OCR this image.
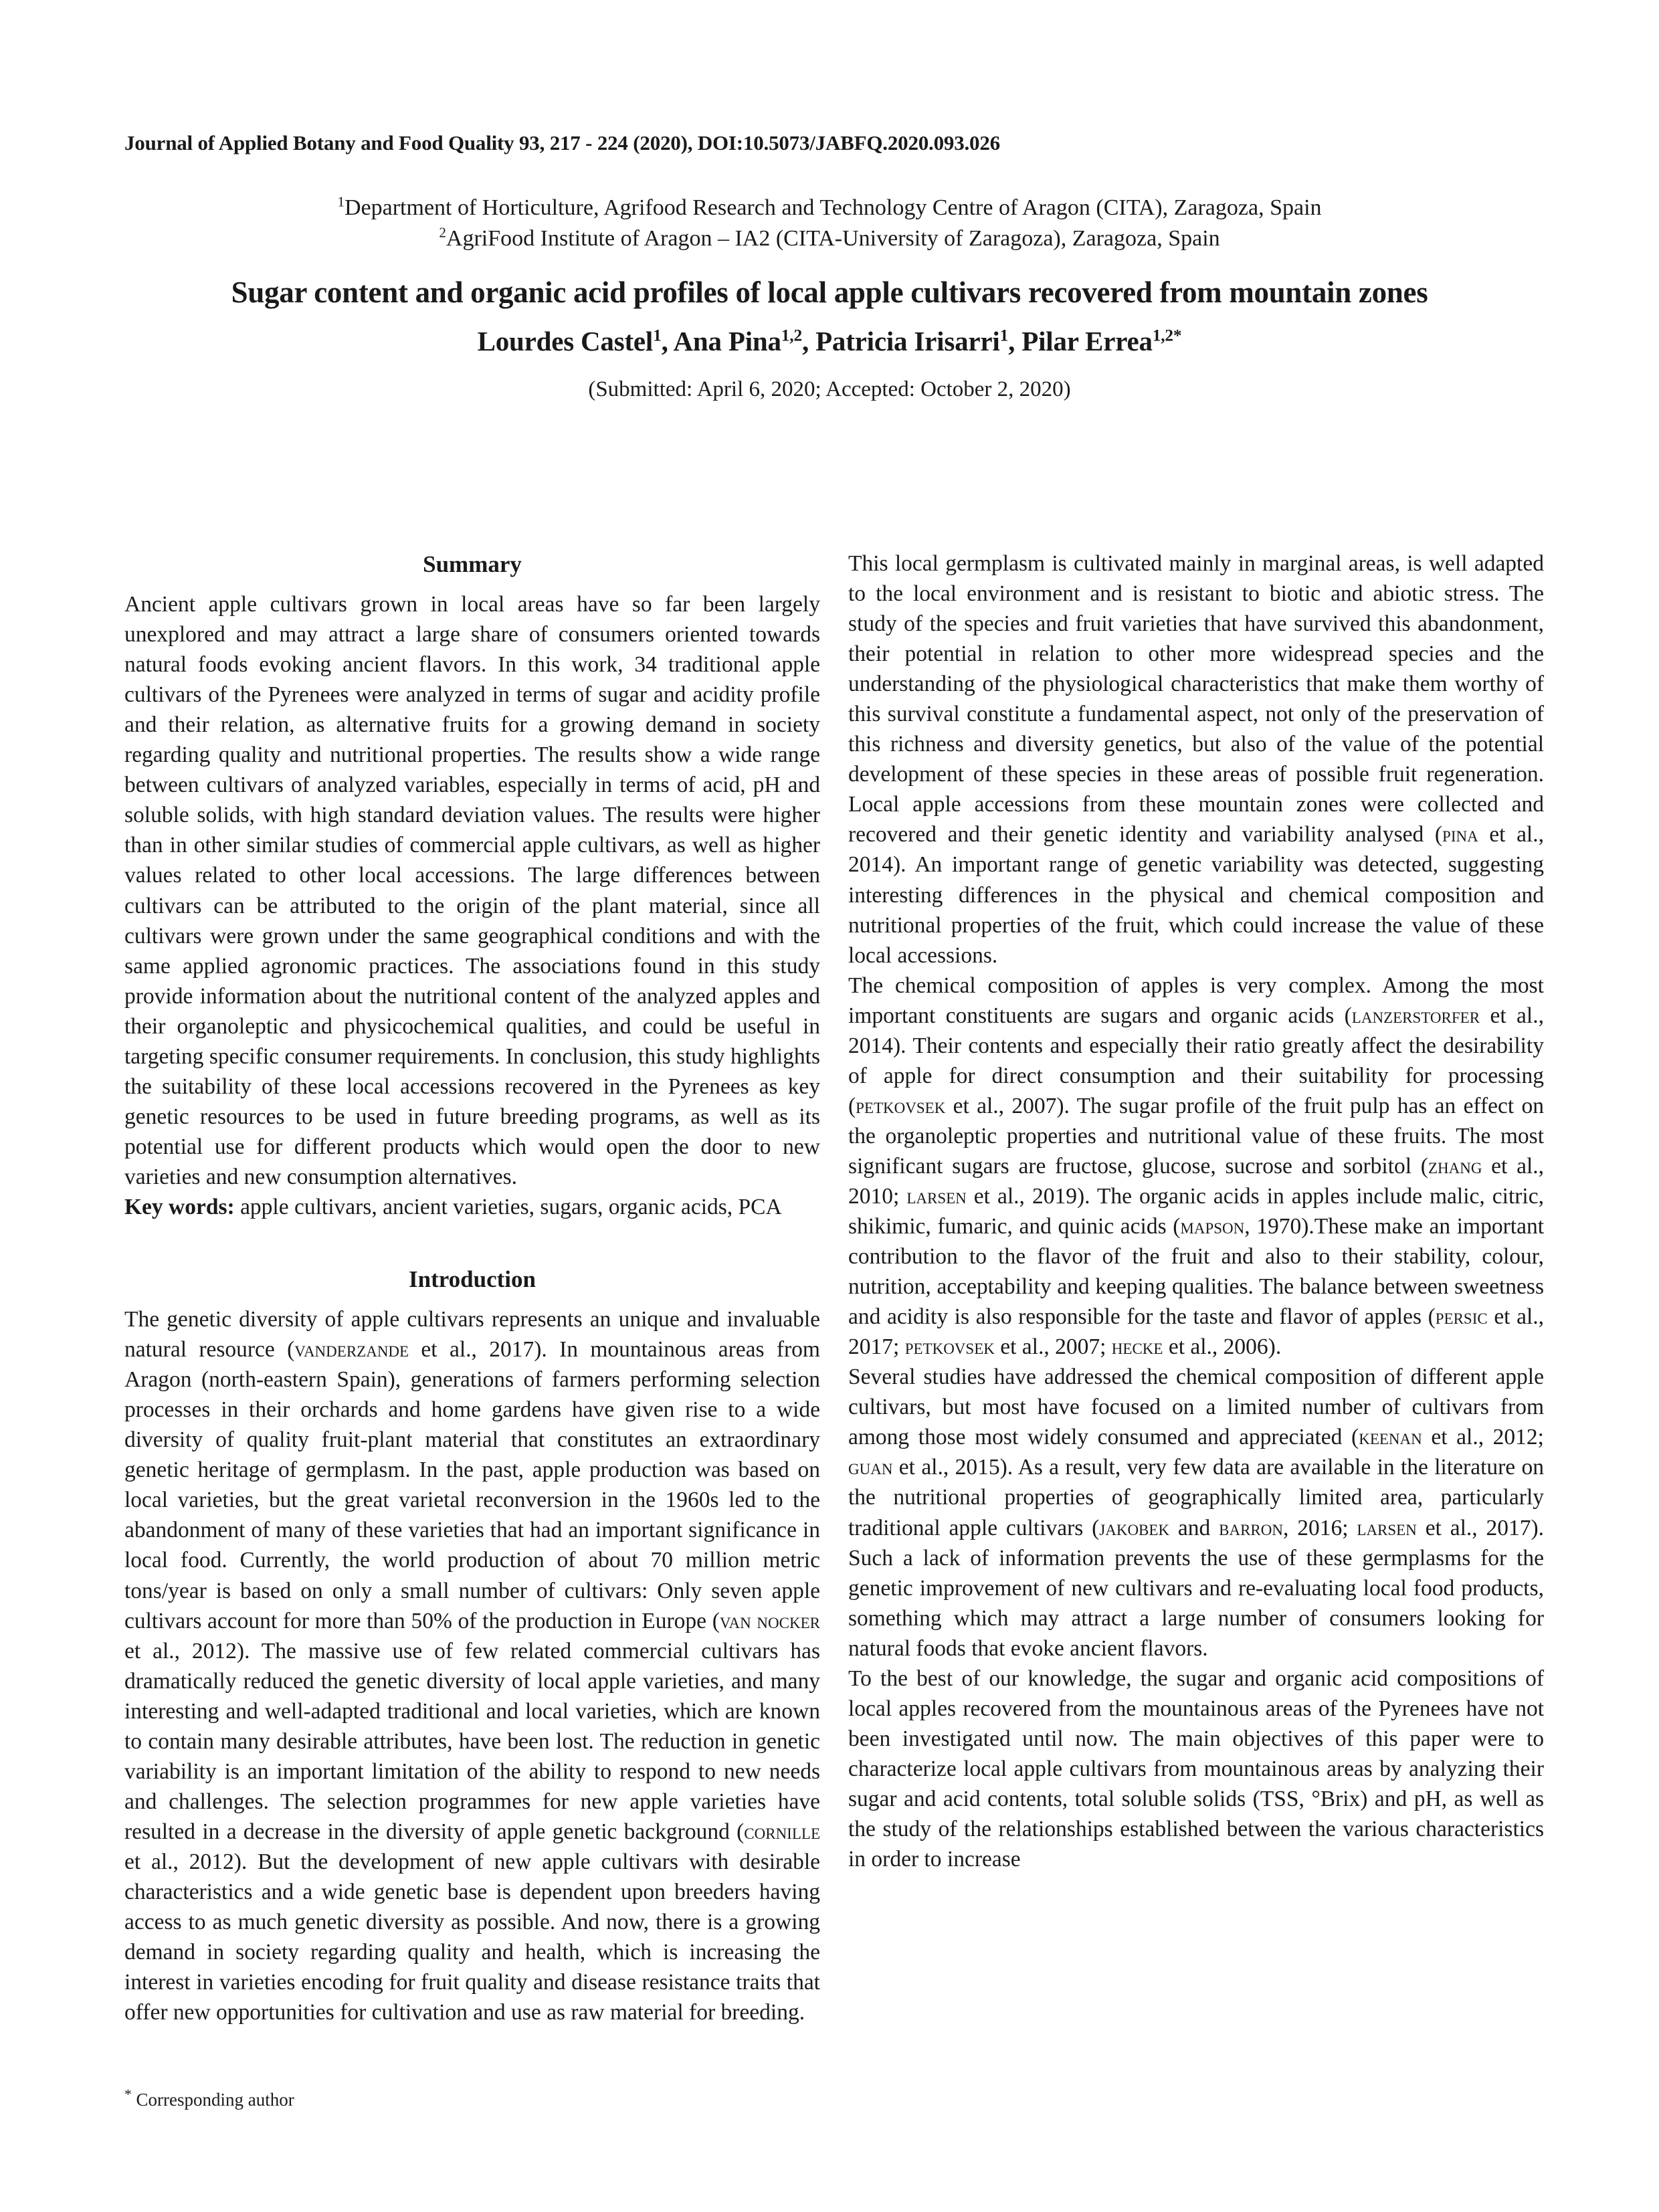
Journal of Applied Botany and Food Quality 93, 217 - 224 (2020), DOI:10.5073/JABFQ.2020.093.026
$^1$Department of Horticulture, Agrifood Research and Technology Centre of Aragon (CITA), Zaragoza, Spain
$^2$AgriFood Institute of Aragon – IA2 (CITA-University of Zaragoza), Zaragoza, Spain
Sugar content and organic acid profiles of local apple cultivars recovered from mountain zones
Lourdes Castel$^1$, Ana Pina$^{1,2}$, Patricia Irisarri$^1$, Pilar Errea$^{1,2*}$
(Submitted: April 6, 2020; Accepted: October 2, 2020)
Summary

Ancient apple cultivars grown in local areas have so far been largely unexplored and may attract a large share of consumers oriented towards natural foods evoking ancient flavors. In this work, 34 traditional apple cultivars of the Pyrenees were analyzed in terms of sugar and acidity profile and their relation, as alternative fruits for a growing demand in society regarding quality and nutritional properties. The results show a wide range between cultivars of analyzed variables, especially in terms of acid, pH and soluble solids, with high standard deviation values. The results were higher than in other similar studies of commercial apple cultivars, as well as higher values related to other local accessions. The large differences between cultivars can be attributed to the origin of the plant material, since all cultivars were grown under the same geographical conditions and with the same applied agronomic practices. The associations found in this study provide information about the nutritional content of the analyzed apples and their organoleptic and physicochemical qualities, and could be useful in targeting specific consumer requirements. In conclusion, this study highlights the suitability of these local accessions recovered in the Pyrenees as key genetic resources to be used in future breeding programs, as well as its potential use for different products which would open the door to new varieties and new consumption alternatives.

Key words: apple cultivars, ancient varieties, sugars, organic acids, PCA

Introduction

The genetic diversity of apple cultivars represents an unique and invaluable natural resource (vanderzande et al., 2017). In mountainous areas from Aragon (north-eastern Spain), generations of farmers performing selection processes in their orchards and home gardens have given rise to a wide diversity of quality fruit-plant material that constitutes an extraordinary genetic heritage of germplasm. In the past, apple production was based on local varieties, but the great varietal reconversion in the 1960s led to the abandonment of many of these varieties that had an important significance in local food. Currently, the world production of about 70 million metric tons/year is based on only a small number of cultivars: Only seven apple cultivars account for more than 50% of the production in Europe (van nocker et al., 2012). The massive use of few related commercial cultivars has dramatically reduced the genetic diversity of local apple varieties, and many interesting and well-adapted traditional and local varieties, which are known to contain many desirable attributes, have been lost. The reduction in genetic variability is an important limitation of the ability to respond to new needs and challenges. The selection programmes for new apple varieties have resulted in a decrease in the diversity of apple genetic background (cornille et al., 2012). But the development of new apple cultivars with desirable characteristics and a wide genetic base is dependent upon breeders having access to as much genetic diversity as possible. And now, there is a growing demand in society regarding quality and health, which is increasing the interest in varieties encoding for fruit quality and disease resistance traits that offer new opportunities for cultivation and use as raw material for breeding.

This local germplasm is cultivated mainly in marginal areas, is well adapted to the local environment and is resistant to biotic and abiotic stress. The study of the species and fruit varieties that have survived this abandonment, their potential in relation to other more widespread species and the understanding of the physiological characteristics that make them worthy of this survival constitute a fundamental aspect, not only of the preservation of this richness and diversity genetics, but also of the value of the potential development of these species in these areas of possible fruit regeneration. Local apple accessions from these mountain zones were collected and recovered and their genetic identity and variability analysed (pina et al., 2014). An important range of genetic variability was detected, suggesting interesting differences in the physical and chemical composition and nutritional properties of the fruit, which could increase the value of these local accessions.

The chemical composition of apples is very complex. Among the most important constituents are sugars and organic acids (lanzerstorfer et al., 2014). Their contents and especially their ratio greatly affect the desirability of apple for direct consumption and their suitability for processing (petkovsek et al., 2007). The sugar profile of the fruit pulp has an effect on the organoleptic properties and nutritional value of these fruits. The most significant sugars are fructose, glucose, sucrose and sorbitol (zhang et al., 2010; larsen et al., 2019). The organic acids in apples include malic, citric, shikimic, fumaric, and quinic acids (mapson, 1970).These make an important contribution to the flavor of the fruit and also to their stability, colour, nutrition, acceptability and keeping qualities. The balance between sweetness and acidity is also responsible for the taste and flavor of apples (persic et al., 2017; petkovsek et al., 2007; hecke et al., 2006).

Several studies have addressed the chemical composition of different apple cultivars, but most have focused on a limited number of cultivars from among those most widely consumed and appreciated (keenan et al., 2012; guan et al., 2015). As a result, very few data are available in the literature on the nutritional properties of geographically limited area, particularly traditional apple cultivars (jakobek and barron, 2016; larsen et al., 2017). Such a lack of information prevents the use of these germplasms for the genetic improvement of new cultivars and re-evaluating local food products, something which may attract a large number of consumers looking for natural foods that evoke ancient flavors.

To the best of our knowledge, the sugar and organic acid compositions of local apples recovered from the mountainous areas of the Pyrenees have not been investigated until now. The main objectives of this paper were to characterize local apple cultivars from mountainous areas by analyzing their sugar and acid contents, total soluble solids (TSS, °Brix) and pH, as well as the study of the relationships established between the various characteristics in order to increase

* Corresponding author
